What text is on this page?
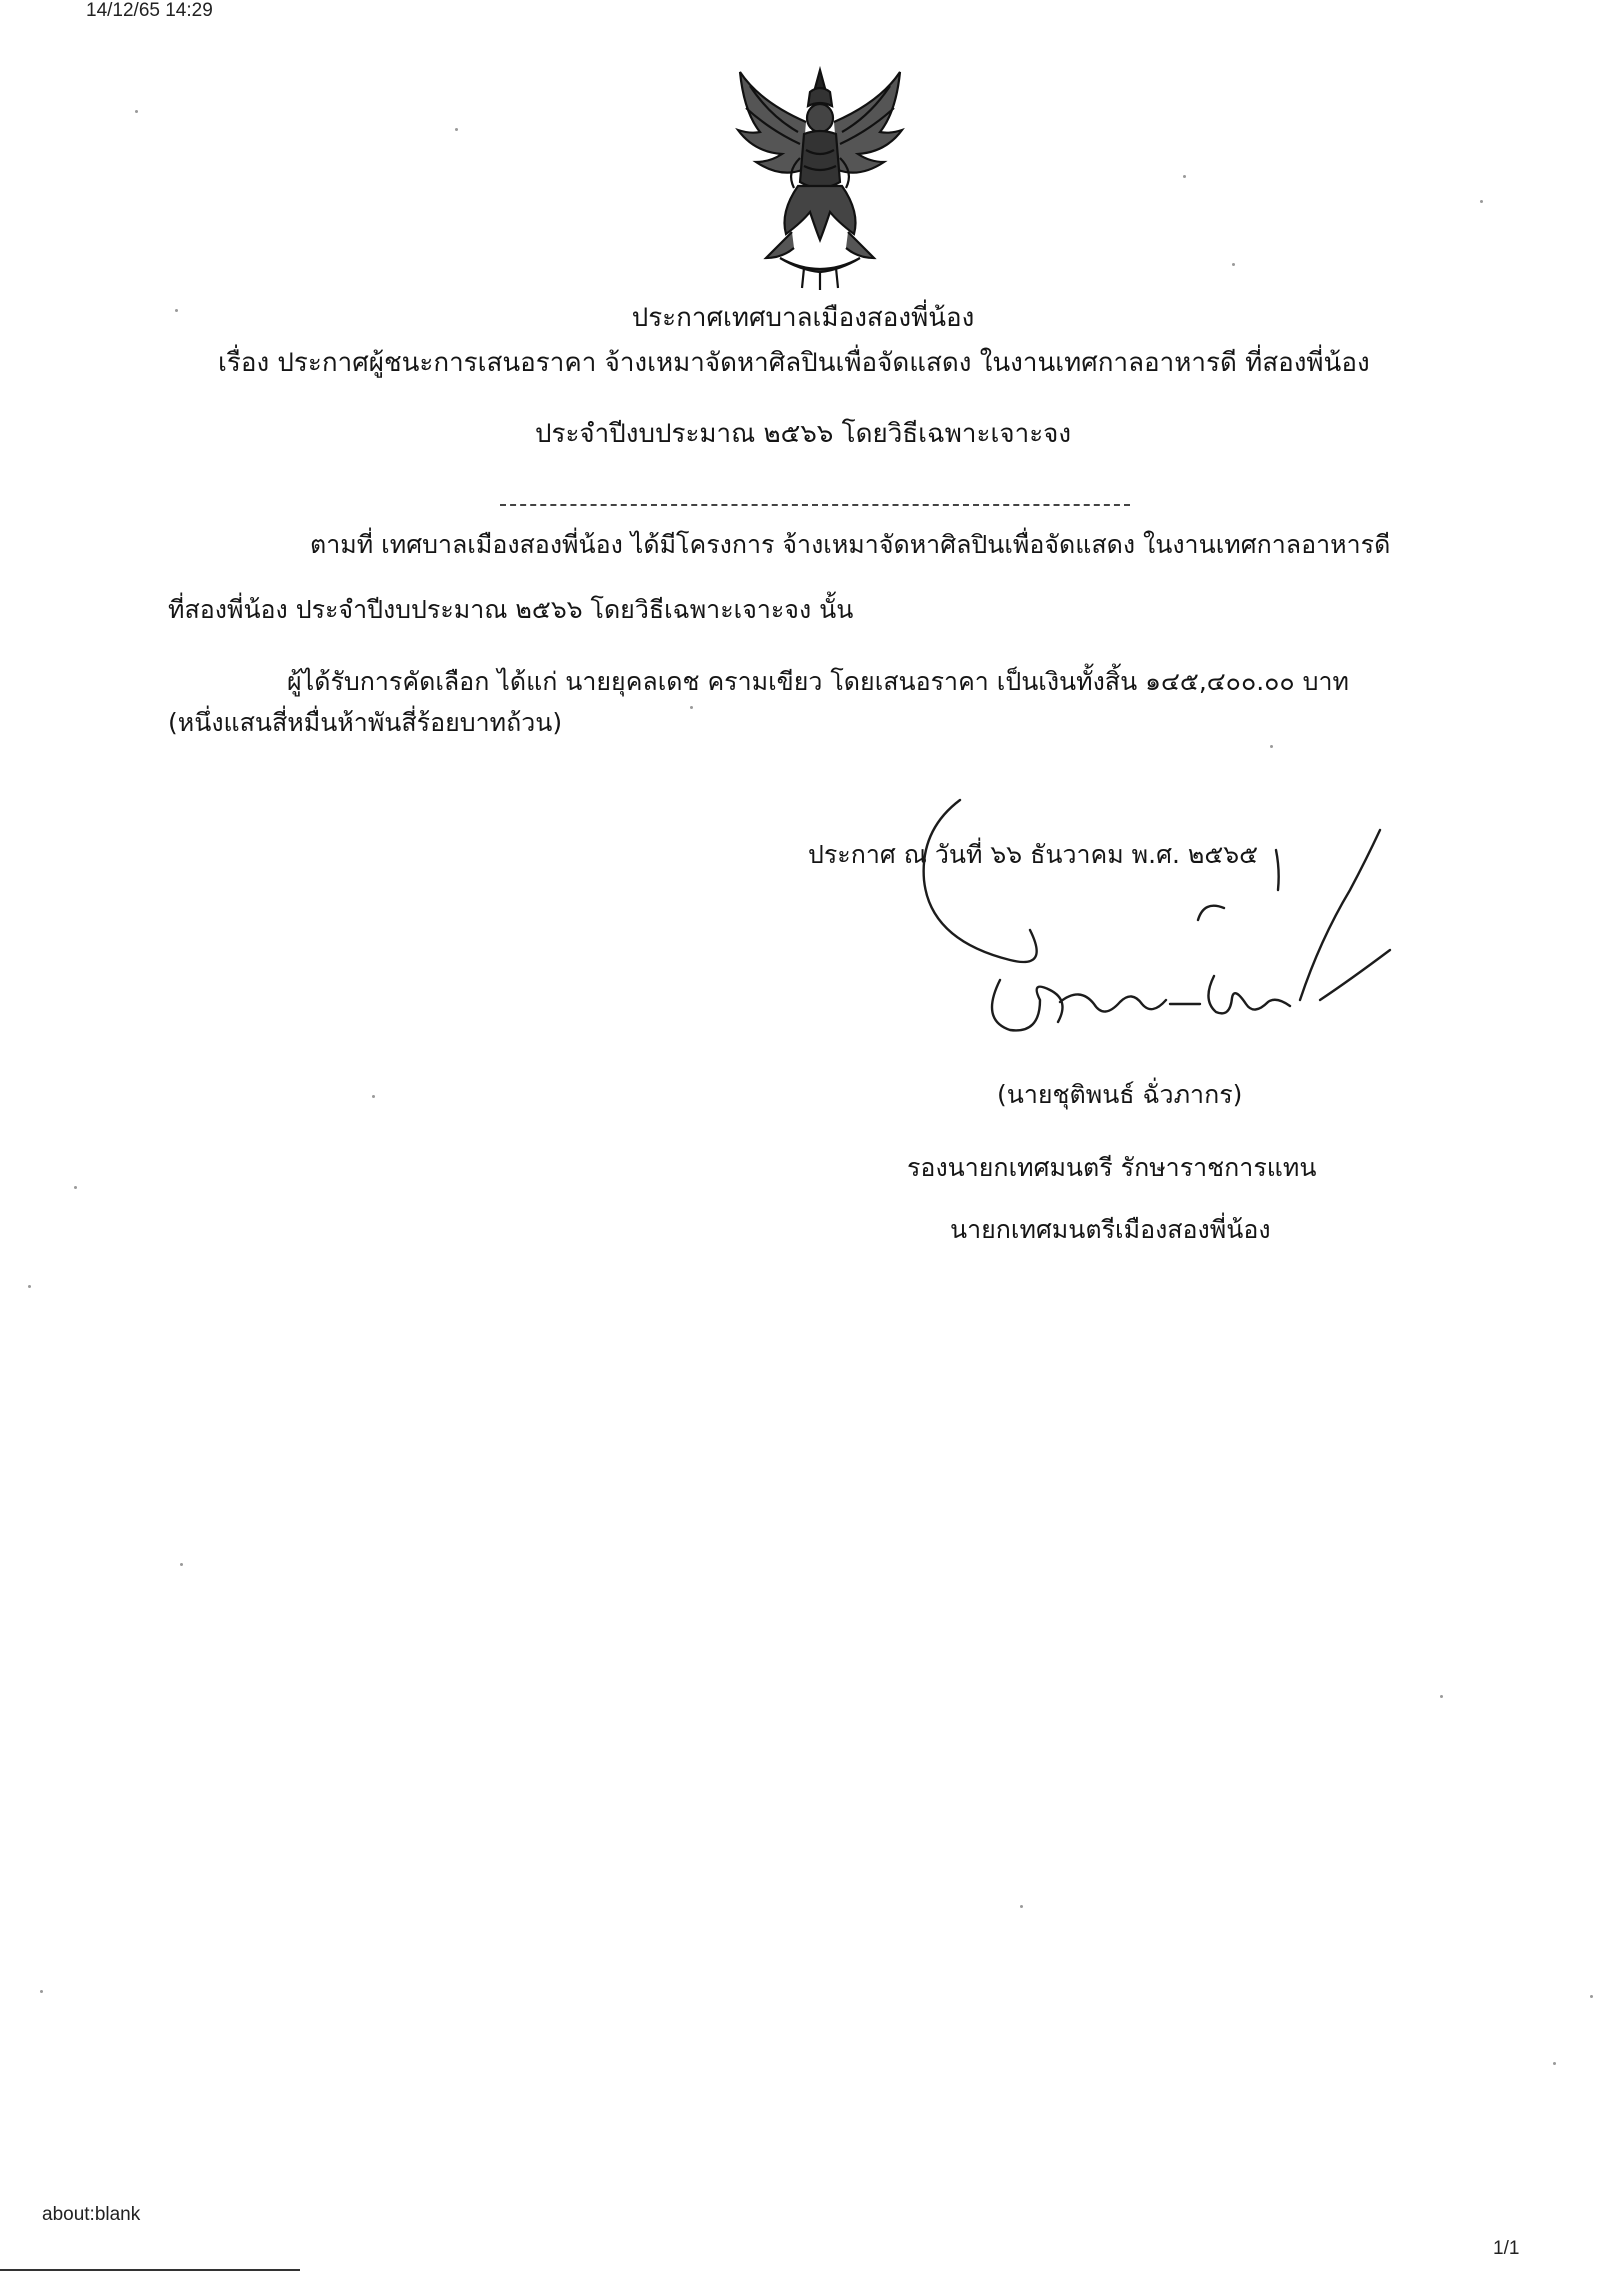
14/12/65 14:29
ประกาศเทศบาลเมืองสองพี่น้อง
เรื่อง ประกาศผู้ชนะการเสนอราคา จ้างเหมาจัดหาศิลปินเพื่อจัดแสดง ในงานเทศกาลอาหารดี ที่สองพี่น้อง
ประจำปีงบประมาณ ๒๕๖๖ โดยวิธีเฉพาะเจาะจง
ตามที่ เทศบาลเมืองสองพี่น้อง ได้มีโครงการ จ้างเหมาจัดหาศิลปินเพื่อจัดแสดง ในงานเทศกาลอาหารดี
ที่สองพี่น้อง ประจำปีงบประมาณ ๒๕๖๖ โดยวิธีเฉพาะเจาะจง นั้น
ผู้ได้รับการคัดเลือก ได้แก่ นายยุคลเดช ครามเขียว โดยเสนอราคา เป็นเงินทั้งสิ้น ๑๔๕,๔๐๐.๐๐ บาท
(หนึ่งแสนสี่หมื่นห้าพันสี่ร้อยบาทถ้วน)
ประกาศ ณ วันที่ ๖๖ ธันวาคม พ.ศ. ๒๕๖๕
(นายชุติพนธ์ ฉั่วภากร)
รองนายกเทศมนตรี รักษาราชการแทน
นายกเทศมนตรีเมืองสองพี่น้อง
about:blank
1/1
